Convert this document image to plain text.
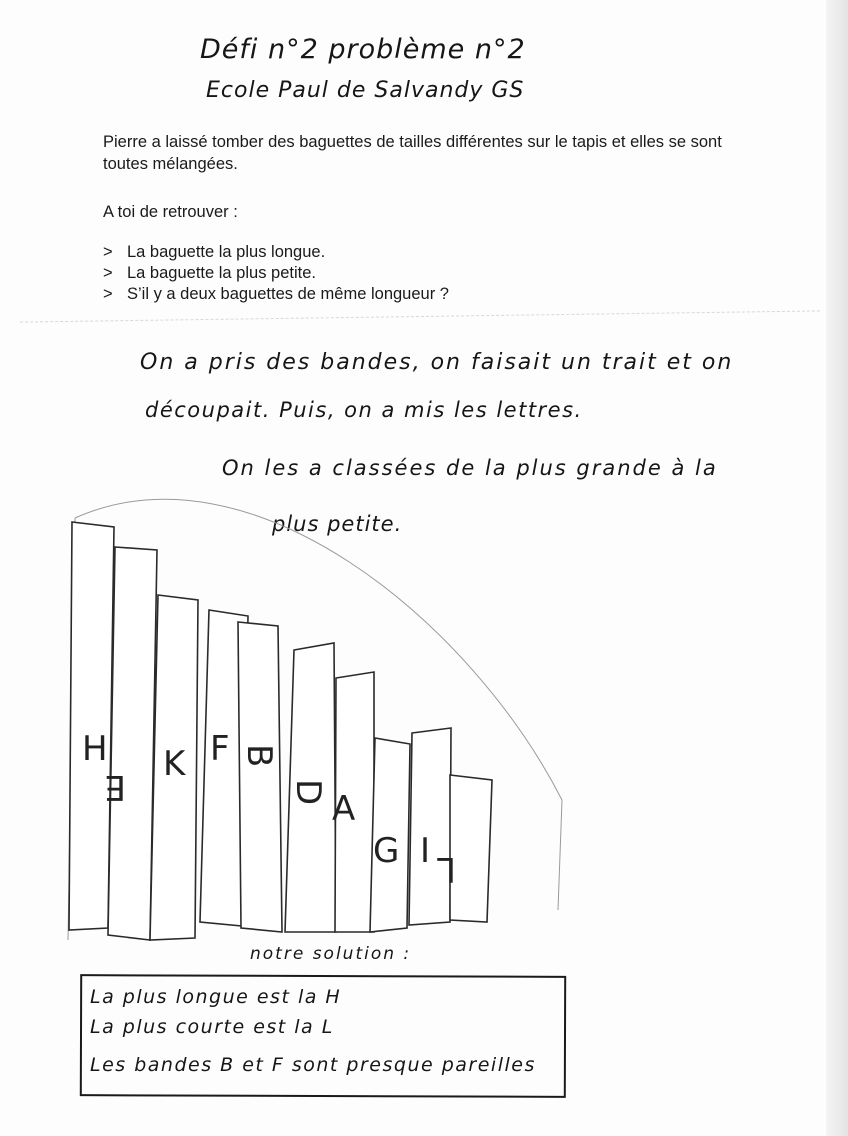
Défi n°2 problème n°2
Ecole Paul de Salvandy GS
Pierre a laissé tomber des baguettes de tailles différentes sur le tapis et elles se sont toutes mélangées.
A toi de retrouver :
> La baguette la plus longue.
> La baguette la plus petite.
> S’il y a deux baguettes de même longueur ?
On a pris des bandes, on faisait un trait et on
découpait. Puis, on a mis les lettres.
On les a classées de la plus grande à la
plus petite.
H
E
K F B
D A
G I L
notre solution :
La plus longue est la H
La plus courte est la L
Les bandes B et F sont presque pareilles
